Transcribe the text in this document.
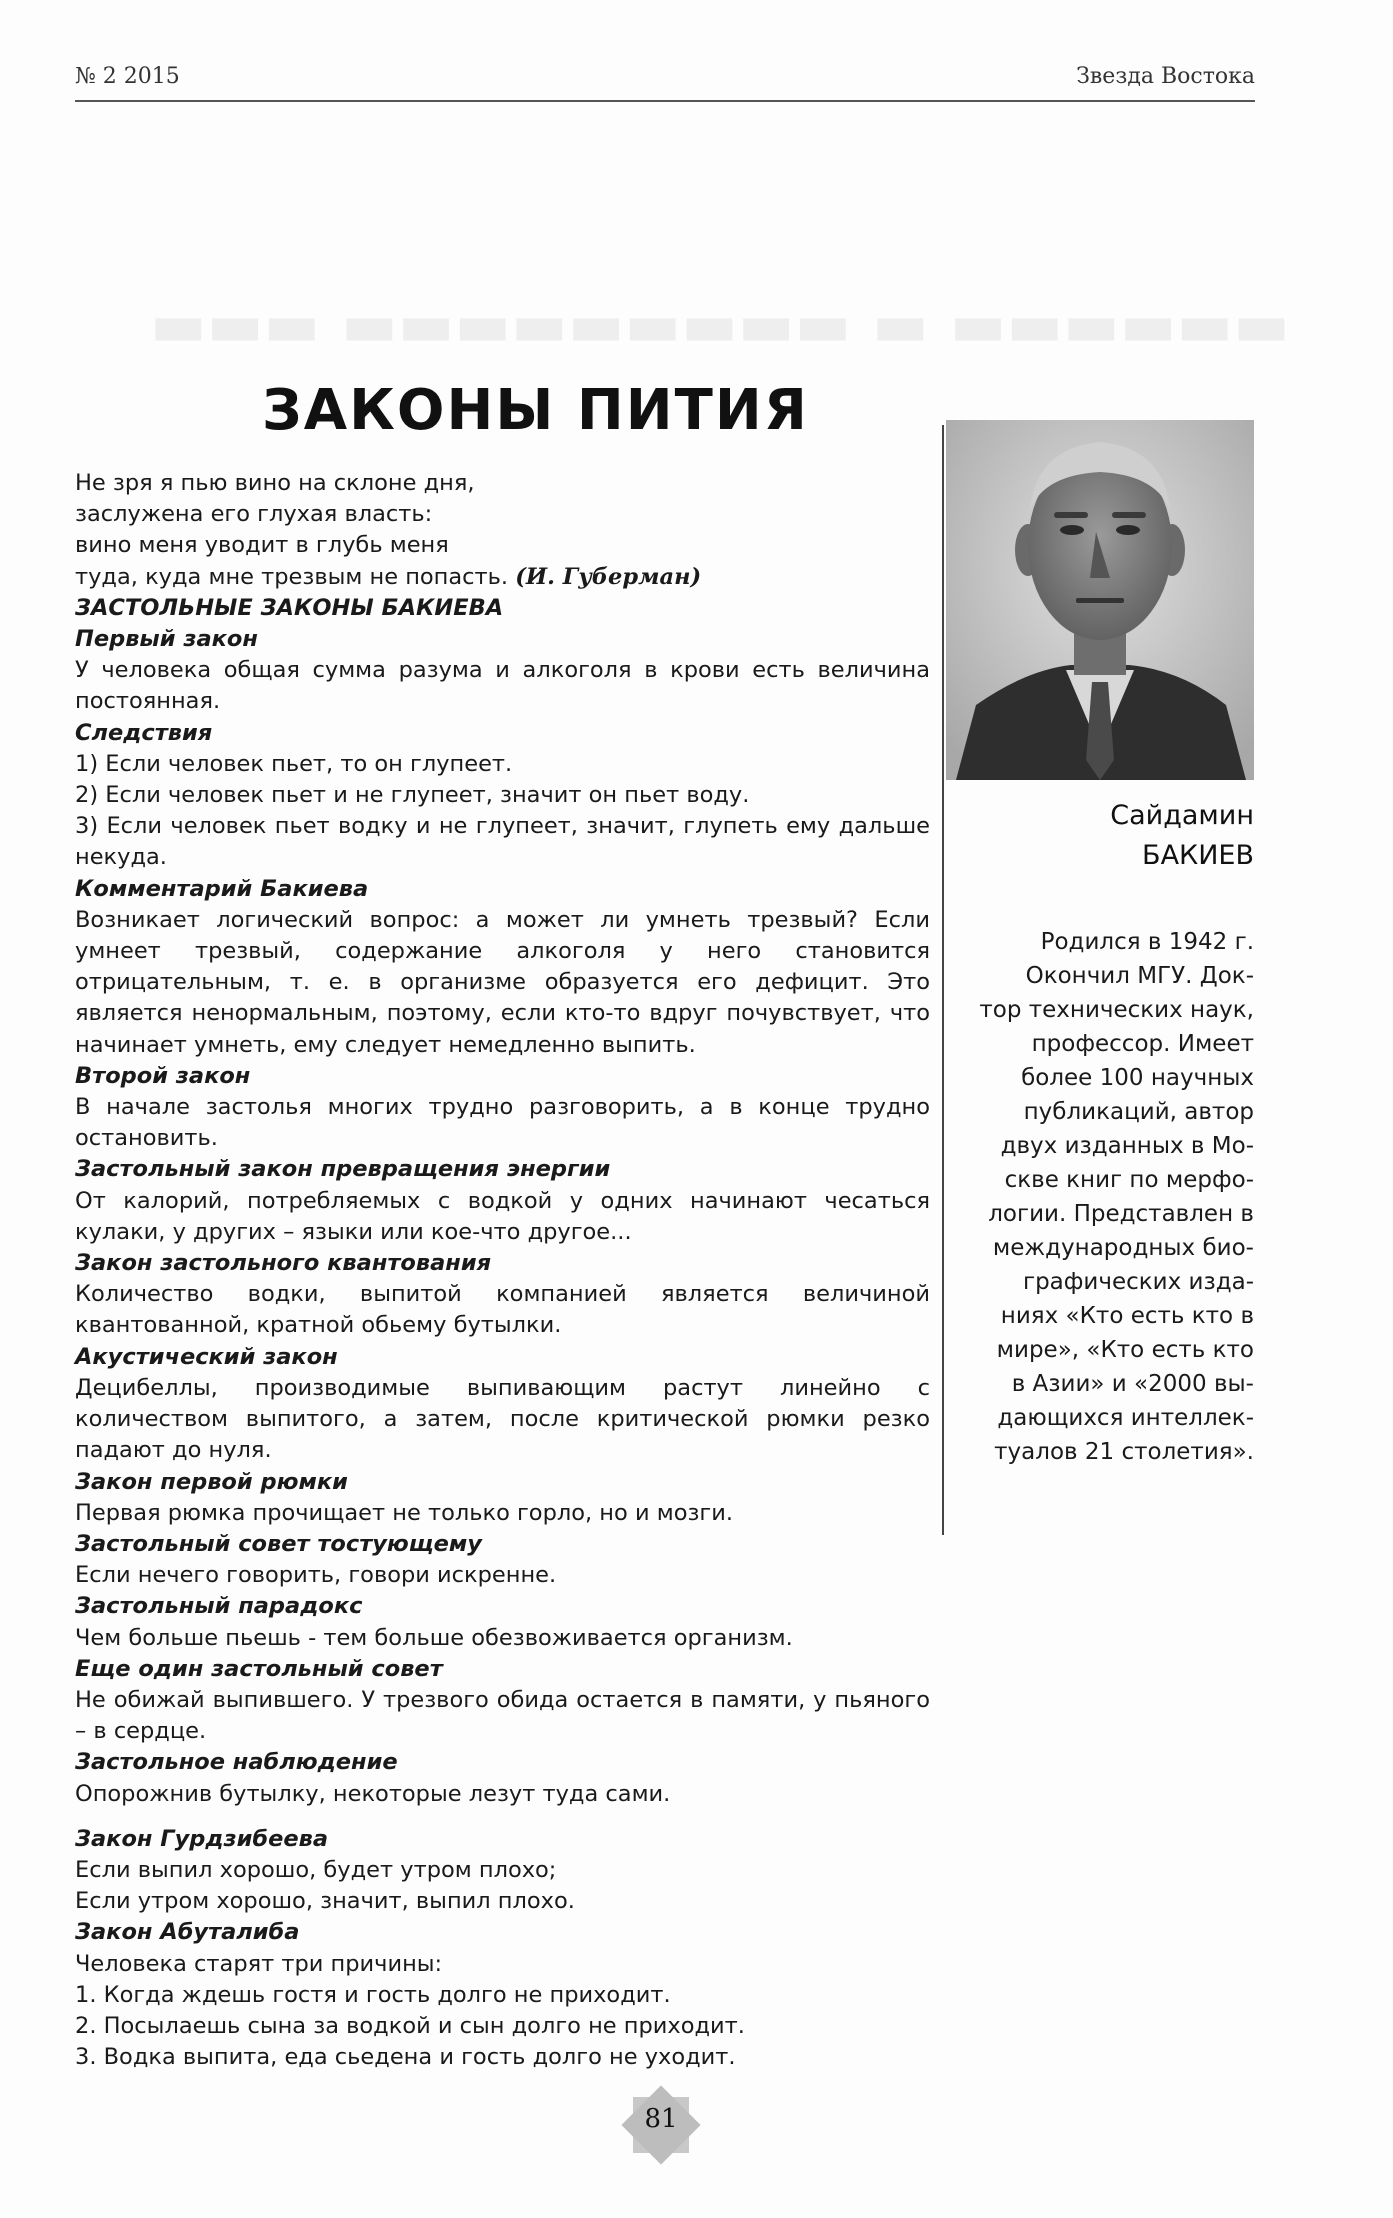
▬▬▬ ▬▬▬▬▬▬▬▬▬ ▬ ▬▬▬▬▬▬
№ 2 2015	Звезда Востока
ЗАКОНЫ ПИТИЯ
Не зря я пью вино на склоне дня,
заслужена его глухая власть:
вино меня уводит в глубь меня
туда, куда мне трезвым не попасть. (И. Губерман)
ЗАСТОЛЬНЫЕ ЗАКОНЫ БАКИЕВА
Первый закон
У человека общая сумма разума и алкоголя в крови есть величина постоянная.
Следствия
1) Если человек пьет, то он глупеет.
2) Если человек пьет и не глупеет, значит он пьет воду.
3) Если человек пьет водку и не глупеет, значит, глупеть ему дальше некуда.
Комментарий Бакиева
Возникает логический вопрос: а может ли умнеть трезвый? Если умнеет трезвый, содержание алкоголя у него становится отрицательным, т. е. в организме образуется его дефицит. Это является ненормальным, поэтому, если кто-то вдруг почувствует, что начинает умнеть, ему следует немедленно выпить.
Второй закон
В начале застолья многих трудно разговорить, а в конце трудно остановить.
Застольный закон превращения энергии
От калорий, потребляемых с водкой у одних начинают чесаться кулаки, у других – языки или кое-что другое...
Закон застольного квантования
Количество водки, выпитой компанией является величиной квантованной, кратной обьему бутылки.
Акустический закон
Децибеллы, производимые выпивающим растут линейно с количеством выпитого, а затем, после критической рюмки резко падают до нуля.
Закон первой рюмки
Первая рюмка прочищает не только горло, но и мозги.
Застольный совет тостующему
Если нечего говорить, говори искренне.
Застольный парадокс
Чем больше пьешь - тем больше обезвоживается организм.
Еще один застольный совет
Не обижай выпившего. У трезвого обида остается в памяти, у пьяного – в сердце.
Застольное наблюдение
Опорожнив бутылку, некоторые лезут туда сами.
Закон Гурдзибеева
Если выпил хорошо, будет утром плохо;
Если утром хорошо, значит, выпил плохо.
Закон Абуталиба
Человека старят три причины:
1. Когда ждешь гостя и гость долго не приходит.
2. Посылаешь сына за водкой и сын долго не приходит.
3. Водка выпита, еда сьедена и гость долго не уходит.
Сайдамин
БАКИЕВ
Родился в 1942 г.
Окончил МГУ. Док-
тор технических наук,
профессор. Имеет
более 100 научных
публикаций, автор
двух изданных в Мо-
скве книг по мерфо-
логии. Представлен в
международных био-
графических изда-
ниях «Кто есть кто в
мире», «Кто есть кто
в Азии» и «2000 вы-
дающихся интеллек-
туалов 21 столетия».
81
